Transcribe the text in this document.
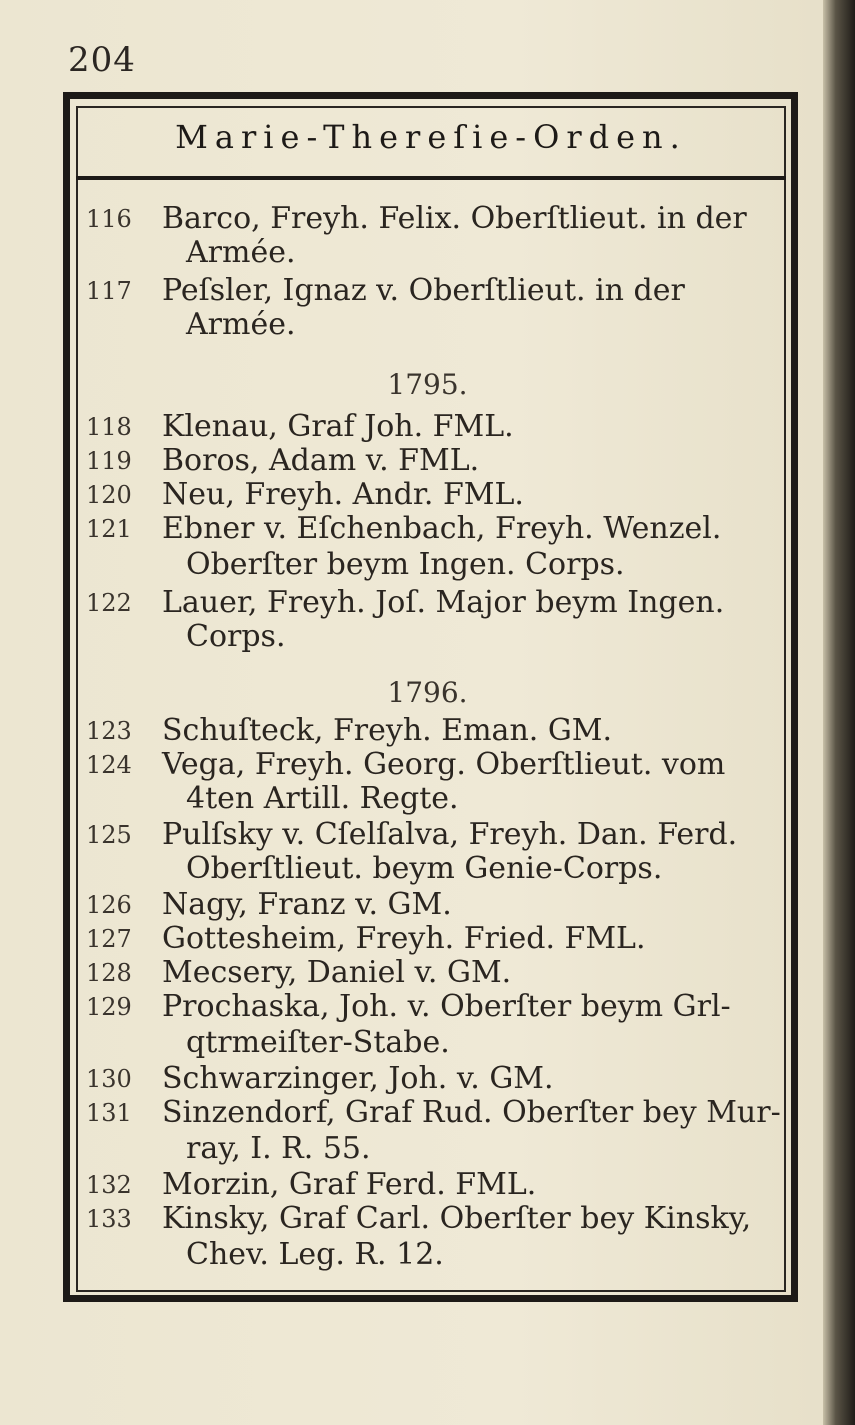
204
Marie-Thereſie-Orden.
116	Barco, Freyh. Felix. Oberſtlieut. in der
Armée.
117	Peſsler, Ignaz v. Oberſtlieut. in der
Armée.
1795.
118	Klenau, Graf Joh. FML.
119	Boros, Adam v. FML.
120	Neu, Freyh. Andr. FML.
121	Ebner v. Eſchenbach, Freyh. Wenzel.
Oberſter beym Ingen. Corps.
122	Lauer, Freyh. Joſ. Major beym Ingen.
Corps.
1796.
123	Schuſteck, Freyh. Eman. GM.
124	Vega, Freyh. Georg. Oberſtlieut. vom
4ten Artill. Regte.
125	Pulſsky v. Cſelſalva, Freyh. Dan. Ferd.
Oberſtlieut. beym Genie-Corps.
126	Nagy, Franz v. GM.
127	Gottesheim, Freyh. Fried. FML.
128	Mecsery, Daniel v. GM.
129	Prochaska, Joh. v. Oberſter beym Grl-
qtrmeiſter-Stabe.
130	Schwarzinger, Joh. v. GM.
131	Sinzendorf, Graf Rud. Oberſter bey Mur-
ray, I. R. 55.
132	Morzin, Graf Ferd. FML.
133	Kinsky, Graf Carl. Oberſter bey Kinsky,
Chev. Leg. R. 12.
